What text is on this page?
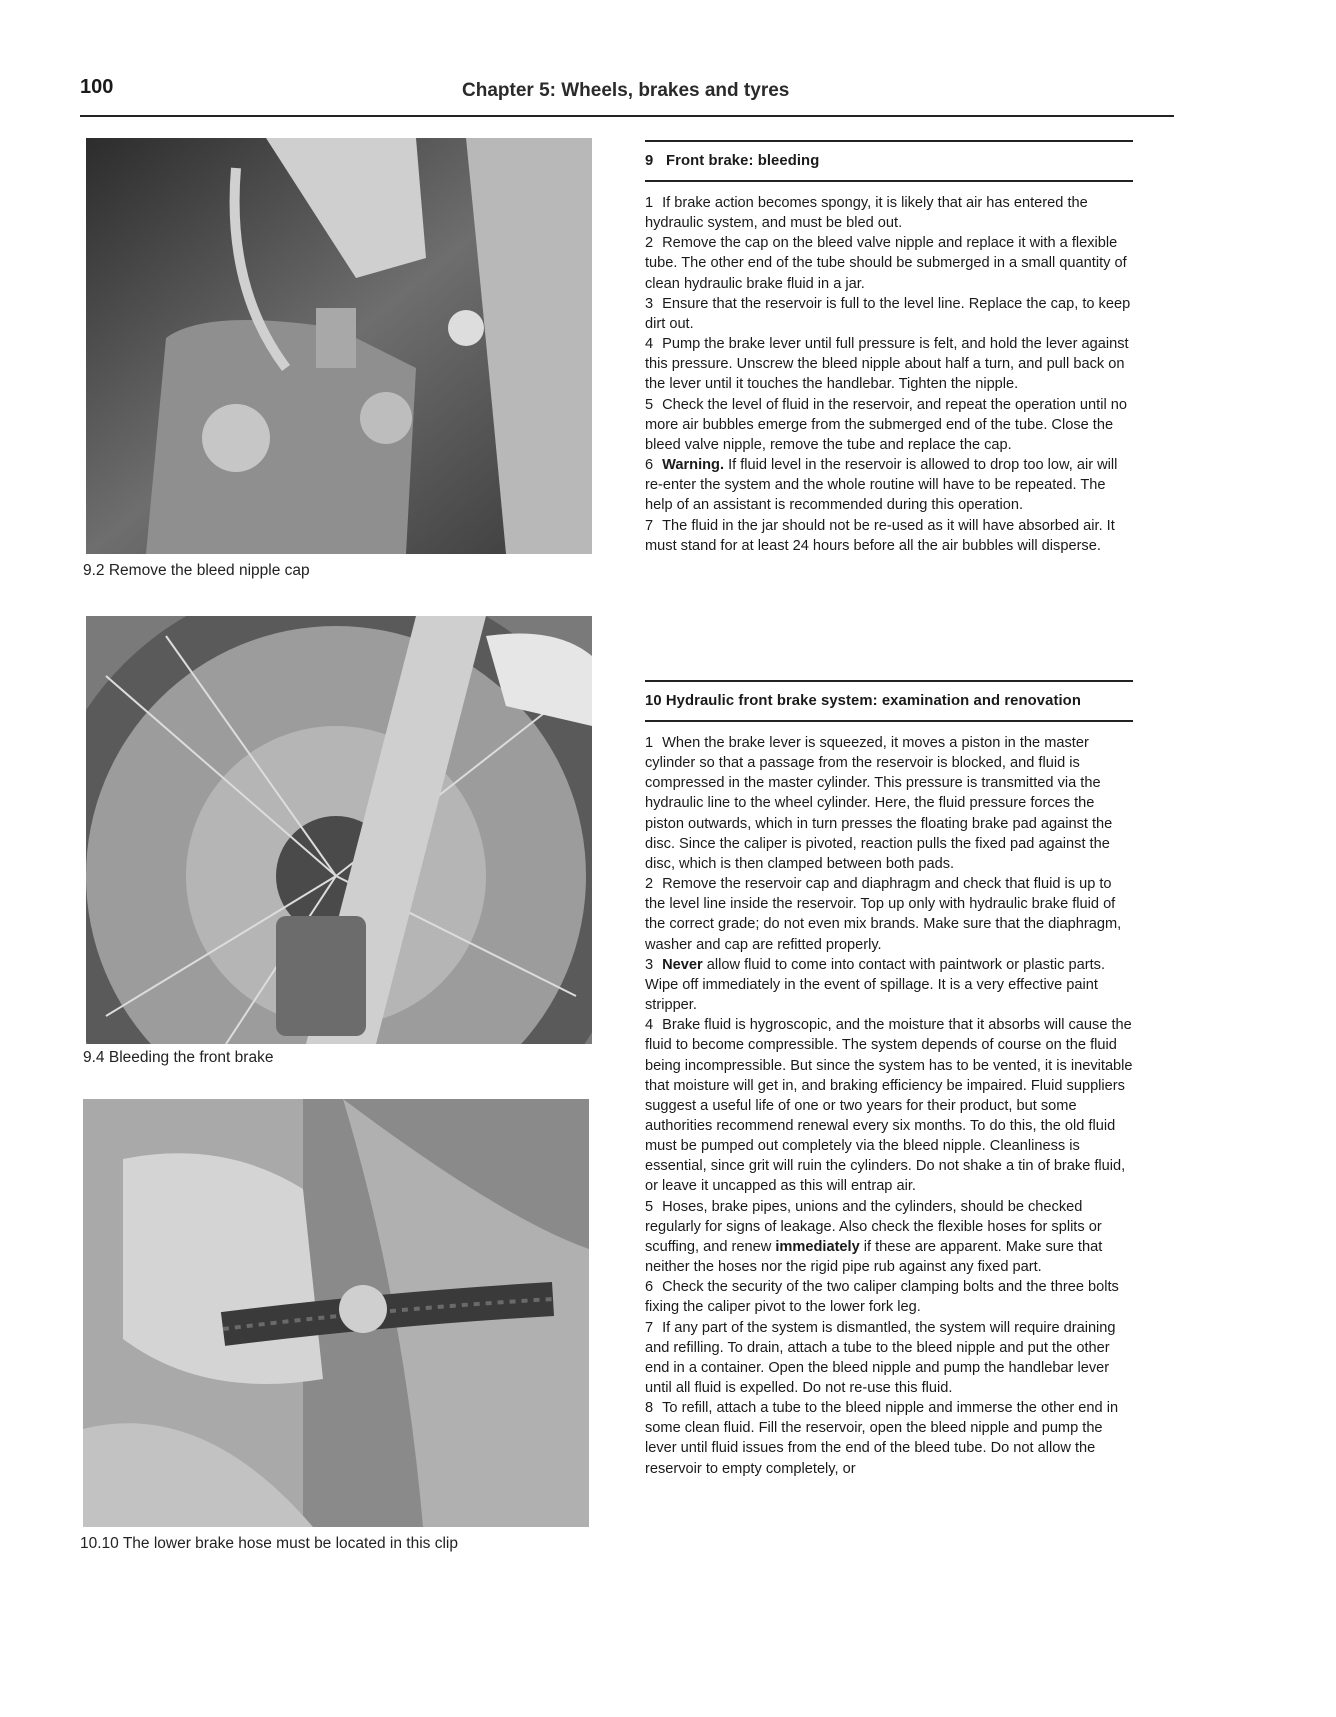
100	Chapter 5: Wheels, brakes and tyres
9.2 Remove the bleed nipple cap
9.4 Bleeding the front brake
10.10 The lower brake hose must be located in this clip
9   Front brake: bleeding

1 If brake action becomes spongy, it is likely that air has entered the hydraulic system, and must be bled out.

2 Remove the cap on the bleed valve nipple and replace it with a flexible tube. The other end of the tube should be submerged in a small quantity of clean hydraulic brake fluid in a jar.

3 Ensure that the reservoir is full to the level line. Replace the cap, to keep dirt out.

4 Pump the brake lever until full pressure is felt, and hold the lever against this pressure. Unscrew the bleed nipple about half a turn, and pull back on the lever until it touches the handlebar. Tighten the nipple.

5 Check the level of fluid in the reservoir, and repeat the operation until no more air bubbles emerge from the submerged end of the tube. Close the bleed valve nipple, remove the tube and replace the cap.

6 Warning. If fluid level in the reservoir is allowed to drop too low, air will re-enter the system and the whole routine will have to be repeated. The help of an assistant is recommended during this operation.

7 The fluid in the jar should not be re-used as it will have absorbed air. It must stand for at least 24 hours before all the air bubbles will disperse.

10 Hydraulic front brake system: examination and renovation

1 When the brake lever is squeezed, it moves a piston in the master cylinder so that a passage from the reservoir is blocked, and fluid is compressed in the master cylinder. This pressure is transmitted via the hydraulic line to the wheel cylinder. Here, the fluid pressure forces the piston outwards, which in turn presses the floating brake pad against the disc. Since the caliper is pivoted, reaction pulls the fixed pad against the disc, which is then clamped between both pads.

2 Remove the reservoir cap and diaphragm and check that fluid is up to the level line inside the reservoir. Top up only with hydraulic brake fluid of the correct grade; do not even mix brands. Make sure that the diaphragm, washer and cap are refitted properly.

3 Never allow fluid to come into contact with paintwork or plastic parts. Wipe off immediately in the event of spillage. It is a very effective paint stripper.

4 Brake fluid is hygroscopic, and the moisture that it absorbs will cause the fluid to become compressible. The system depends of course on the fluid being incompressible. But since the system has to be vented, it is inevitable that moisture will get in, and braking efficiency be impaired. Fluid suppliers suggest a useful life of one or two years for their product, but some authorities recommend renewal every six months. To do this, the old fluid must be pumped out completely via the bleed nipple. Cleanliness is essential, since grit will ruin the cylinders. Do not shake a tin of brake fluid, or leave it uncapped as this will entrap air.

5 Hoses, brake pipes, unions and the cylinders, should be checked regularly for signs of leakage. Also check the flexible hoses for splits or scuffing, and renew immediately if these are apparent. Make sure that neither the hoses nor the rigid pipe rub against any fixed part.

6 Check the security of the two caliper clamping bolts and the three bolts fixing the caliper pivot to the lower fork leg.

7 If any part of the system is dismantled, the system will require draining and refilling. To drain, attach a tube to the bleed nipple and put the other end in a container. Open the bleed nipple and pump the handlebar lever until all fluid is expelled. Do not re-use this fluid.

8 To refill, attach a tube to the bleed nipple and immerse the other end in some clean fluid. Fill the reservoir, open the bleed nipple and pump the lever until fluid issues from the end of the bleed tube. Do not allow the reservoir to empty completely, or
